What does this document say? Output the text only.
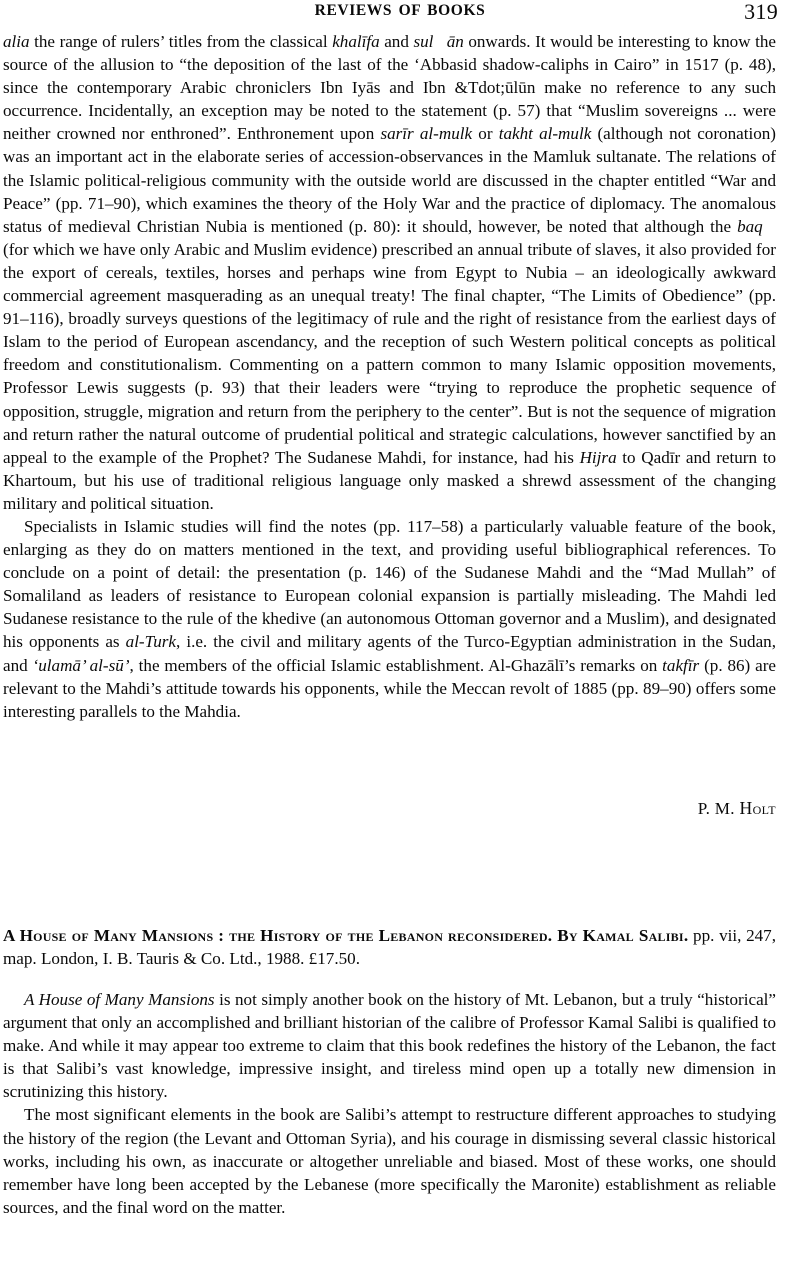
REVIEWS OF BOOKS	319

alia the range of rulers’ titles from the classical khalīfa and sul⃛ān onwards. It would be interesting to know the source of the allusion to “the deposition of the last of the ‘Abbasid shadow-caliphs in Cairo” in 1517 (p. 48), since the contemporary Arabic chroniclers Ibn Iyās and Ibn &Tdot;ūlūn make no reference to any such occurrence. Incidentally, an exception may be noted to the statement (p. 57) that “Muslim sovereigns ... were neither crowned nor enthroned”. Enthronement upon sarīr al-mulk or takht al-mulk (although not coronation) was an important act in the elaborate series of accession-observances in the Mamluk sultanate. The relations of the Islamic political-religious community with the outside world are discussed in the chapter entitled “War and Peace” (pp. 71–90), which examines the theory of the Holy War and the practice of diplomacy. The anomalous status of medieval Christian Nubia is mentioned (p. 80): it should, however, be noted that although the baq⃛ (for which we have only Arabic and Muslim evidence) prescribed an annual tribute of slaves, it also provided for the export of cereals, textiles, horses and perhaps wine from Egypt to Nubia – an ideologically awkward commercial agreement masquerading as an unequal treaty! The final chapter, “The Limits of Obedience” (pp. 91–116), broadly surveys questions of the legitimacy of rule and the right of resistance from the earliest days of Islam to the period of European ascendancy, and the reception of such Western political concepts as political freedom and constitutionalism. Commenting on a pattern common to many Islamic opposition movements, Professor Lewis suggests (p. 93) that their leaders were “trying to reproduce the prophetic sequence of opposition, struggle, migration and return from the periphery to the center”. But is not the sequence of migration and return rather the natural outcome of prudential political and strategic calculations, however sanctified by an appeal to the example of the Prophet? The Sudanese Mahdi, for instance, had his Hijra to Qadīr and return to Khartoum, but his use of traditional religious language only masked a shrewd assessment of the changing military and political situation.

Specialists in Islamic studies will find the notes (pp. 117–58) a particularly valuable feature of the book, enlarging as they do on matters mentioned in the text, and providing useful bibliographical references. To conclude on a point of detail: the presentation (p. 146) of the Sudanese Mahdi and the “Mad Mullah” of Somaliland as leaders of resistance to European colonial expansion is partially misleading. The Mahdi led Sudanese resistance to the rule of the khedive (an autonomous Ottoman governor and a Muslim), and designated his opponents as al-Turk, i.e. the civil and military agents of the Turco-Egyptian administration in the Sudan, and ‘ulamā’ al-sū’, the members of the official Islamic establishment. Al-Ghazālī’s remarks on takfīr (p. 86) are relevant to the Mahdi’s attitude towards his opponents, while the Meccan revolt of 1885 (pp. 89–90) offers some interesting parallels to the Mahdia.

P. M. Holt
A House of Many Mansions : the History of the Lebanon reconsidered. By Kamal Salibi. pp. vii, 247, map. London, I. B. Tauris & Co. Ltd., 1988. £17.50.

A House of Many Mansions is not simply another book on the history of Mt. Lebanon, but a truly “historical” argument that only an accomplished and brilliant historian of the calibre of Professor Kamal Salibi is qualified to make. And while it may appear too extreme to claim that this book redefines the history of the Lebanon, the fact is that Salibi’s vast knowledge, impressive insight, and tireless mind open up a totally new dimension in scrutinizing this history.

The most significant elements in the book are Salibi’s attempt to restructure different approaches to studying the history of the region (the Levant and Ottoman Syria), and his courage in dismissing several classic historical works, including his own, as inaccurate or altogether unreliable and biased. Most of these works, one should remember have long been accepted by the Lebanese (more specifically the Maronite) establishment as reliable sources, and the final word on the matter.
